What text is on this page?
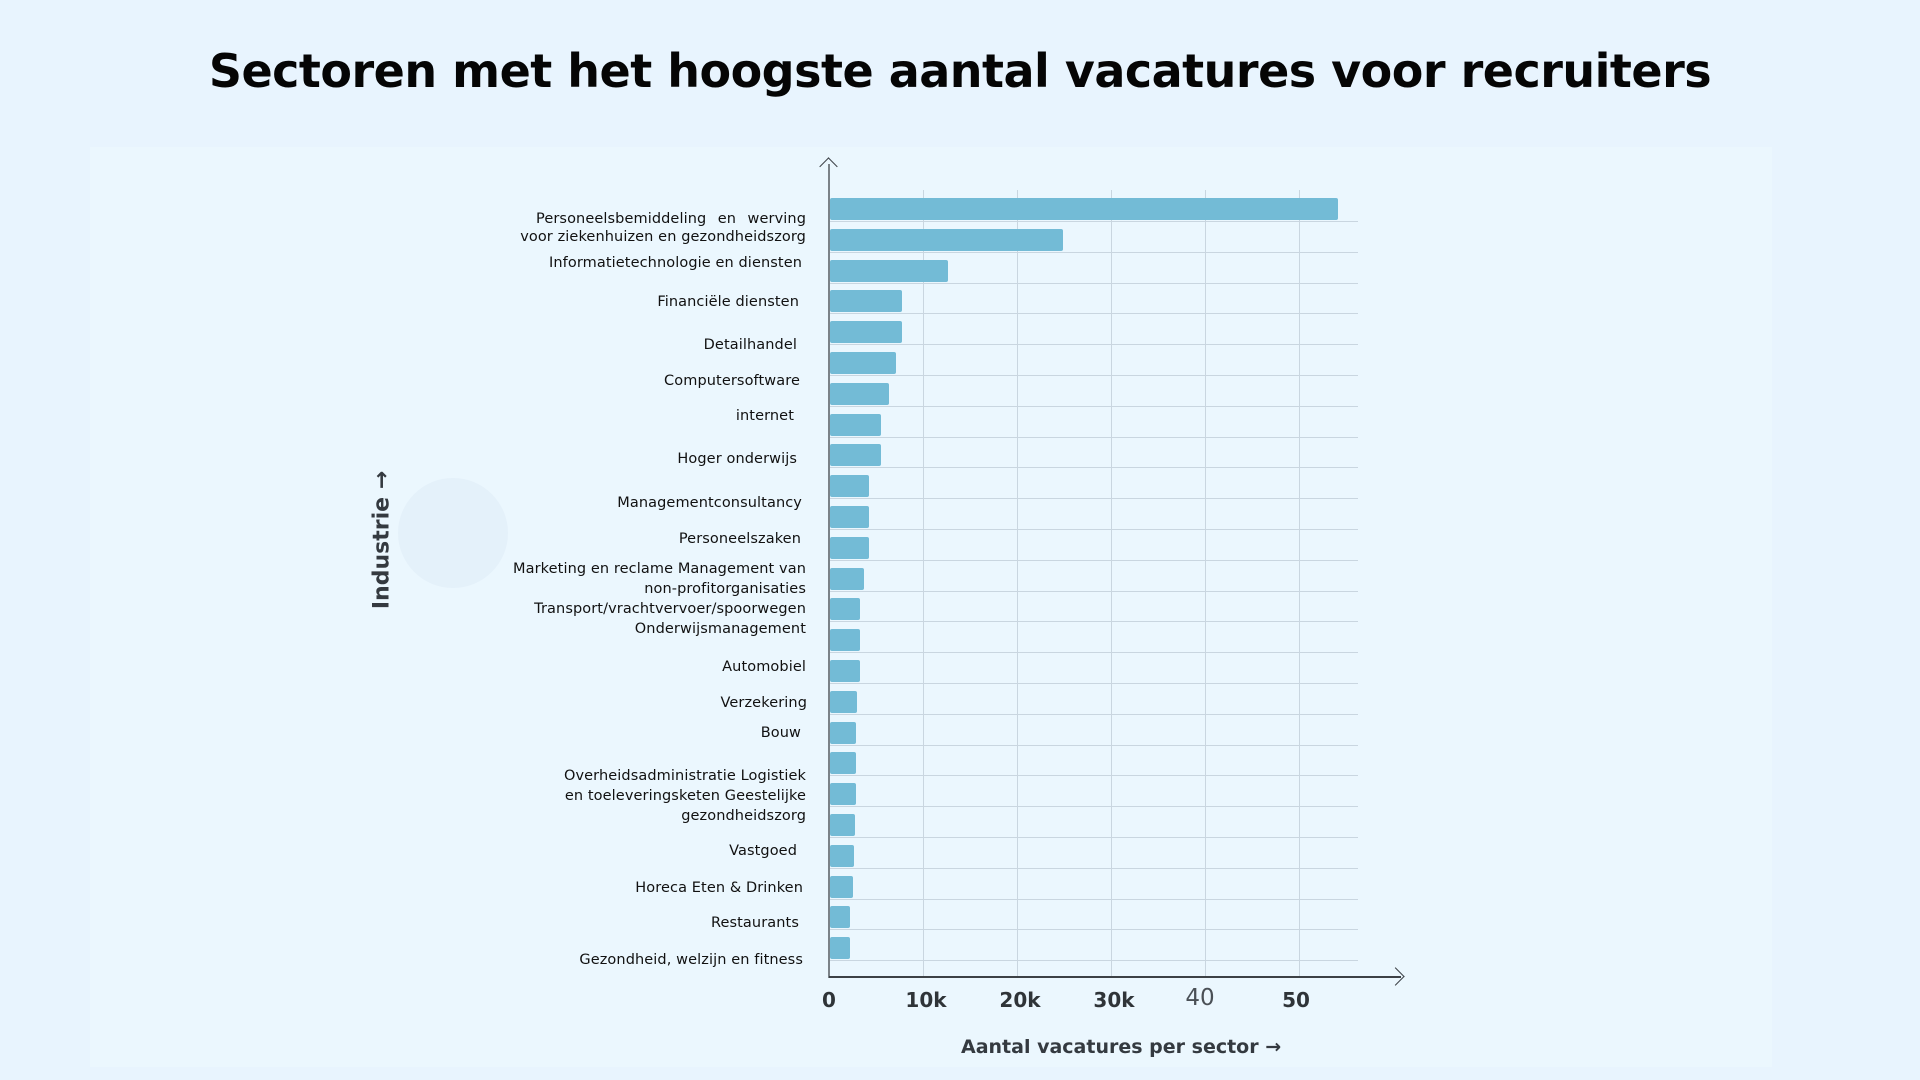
Sectoren met het hoogste aantal vacatures voor recruiters
0	10k	20k	30k 40	50
Personeelsbemiddeling en werving
voor ziekenhuizen en gezondheidszorg
Informatietechnologie en diensten
Financiële diensten
Detailhandel
Computersoftware
internet
Hoger onderwijs
Managementconsultancy
Personeelszaken
Marketing en reclame Management van
non-profitorganisaties
Transport/vrachtvervoer/spoorwegen
Onderwijsmanagement
Automobiel
Verzekering
Bouw
Overheidsadministratie Logistiek
en toeleveringsketen Geestelijke
gezondheidszorg
Vastgoed
Horeca Eten & Drinken
Restaurants
Gezondheid, welzijn en fitness
Industrie →
Aantal vacatures per sector →
